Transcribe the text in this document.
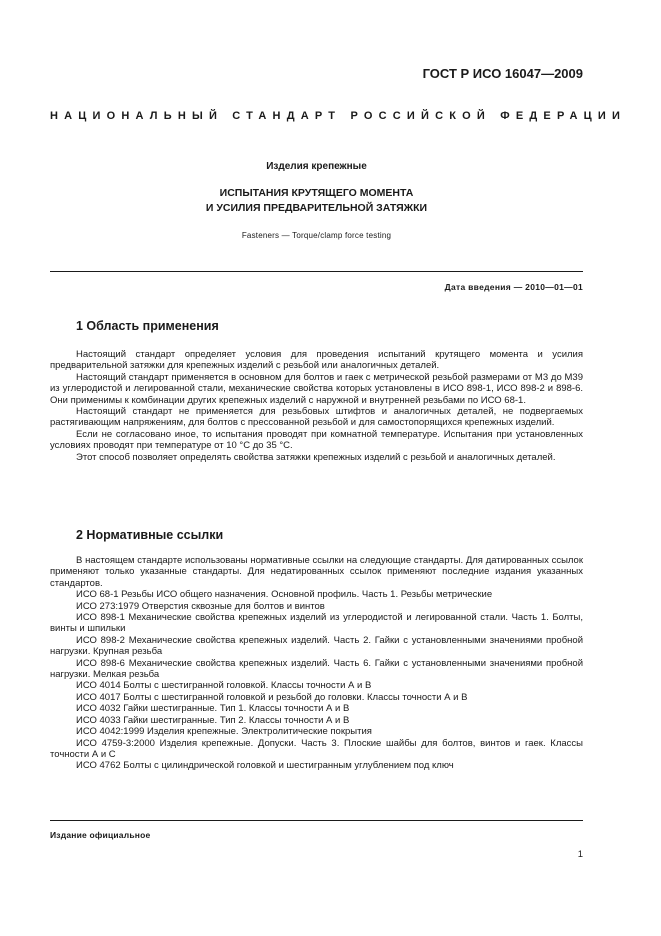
ГОСТ Р ИСО 16047—2009
НАЦИОНАЛЬНЫЙ СТАНДАРТ РОССИЙСКОЙ ФЕДЕРАЦИИ
Изделия крепежные
ИСПЫТАНИЯ КРУТЯЩЕГО МОМЕНТА
И УСИЛИЯ ПРЕДВАРИТЕЛЬНОЙ ЗАТЯЖКИ
Fasteners — Torque/clamp force testing
Дата введения — 2010—01—01
1 Область применения

Настоящий стандарт определяет условия для проведения испытаний крутящего момента и усилия предварительной затяжки для крепежных изделий с резьбой или аналогичных деталей.

Настоящий стандарт применяется в основном для болтов и гаек с метрической резьбой размерами от М3 до М39 из углеродистой и легированной стали, механические свойства которых установлены в ИСО 898-1, ИСО 898-2 и 898-6. Они применимы к комбинации других крепежных изделий с наружной и внутренней резьбами по ИСО 68-1.

Настоящий стандарт не применяется для резьбовых штифтов и аналогичных деталей, не подвергаемых растягивающим напряжениям, для болтов с прессованной резьбой и для самостопорящихся крепежных изделий.

Если не согласовано иное, то испытания проводят при комнатной температуре. Испытания при установленных условиях проводят при температуре от 10 °С до 35 °С.

Этот способ позволяет определять свойства затяжки крепежных изделий с резьбой и аналогичных деталей.

2 Нормативные ссылки

В настоящем стандарте использованы нормативные ссылки на следующие стандарты. Для датированных ссылок применяют только указанные стандарты. Для недатированных ссылок применяют последние издания указанных стандартов.

ИСО 68-1 Резьбы ИСО общего назначения. Основной профиль. Часть 1. Резьбы метрические

ИСО 273:1979 Отверстия сквозные для болтов и винтов

ИСО 898-1 Механические свойства крепежных изделий из углеродистой и легированной стали. Часть 1. Болты, винты и шпильки

ИСО 898-2 Механические свойства крепежных изделий. Часть 2. Гайки с установленными значениями пробной нагрузки. Крупная резьба

ИСО 898-6 Механические свойства крепежных изделий. Часть 6. Гайки с установленными значениями пробной нагрузки. Мелкая резьба

ИСО 4014 Болты с шестигранной головкой. Классы точности А и В

ИСО 4017 Болты с шестигранной головкой и резьбой до головки. Классы точности А и В

ИСО 4032 Гайки шестигранные. Тип 1. Классы точности А и В

ИСО 4033 Гайки шестигранные. Тип 2. Классы точности А и В

ИСО 4042:1999 Изделия крепежные. Электролитические покрытия

ИСО 4759-3:2000 Изделия крепежные. Допуски. Часть 3. Плоские шайбы для болтов, винтов и гаек. Классы точности А и С

ИСО 4762 Болты с цилиндрической головкой и шестигранным углублением под ключ

Издание официальное
1
